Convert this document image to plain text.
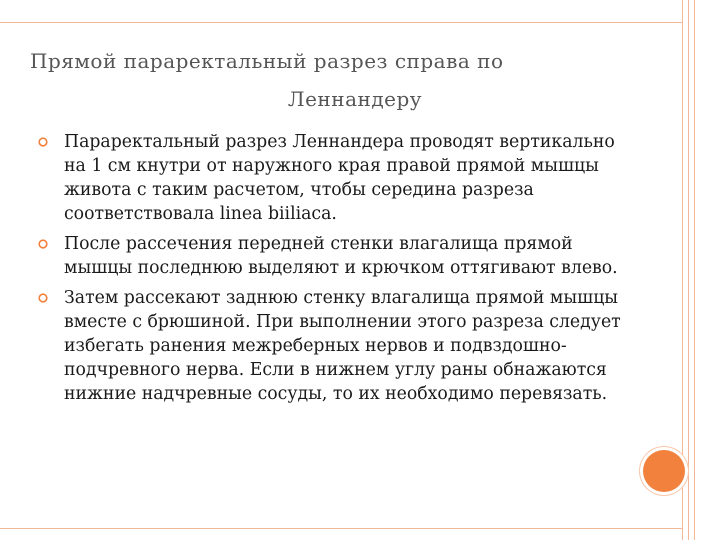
Прямой параректальный разрез справа по
Леннандеру
Параректальный разрез Леннандера проводят вертикально на 1 см кнутри от наружного края правой прямой мышцы живота с таким расчетом, чтобы середина разреза соответствовала linea biiliaca.
После рассечения передней стенки влагалища прямой мышцы последнюю выделяют и крючком оттягивают влево.
Затем рассекают заднюю стенку влагалища прямой мышцы вместе с брюшиной. При выполнении этого разреза следует избегать ранения межреберных нервов и подвздошно-подчревного нерва. Если в нижнем углу раны обнажаются нижние надчревные сосуды, то их необходимо перевязать.
